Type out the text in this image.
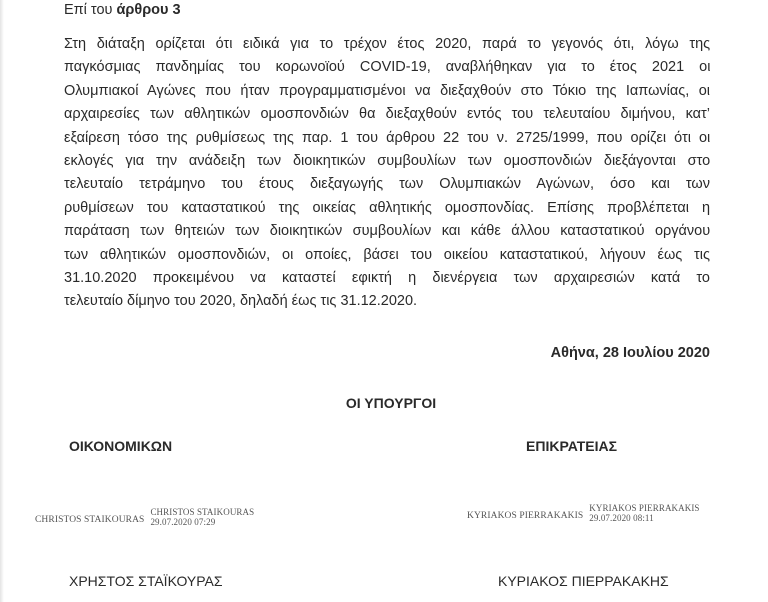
Επί του άρθρου 3
Στη διάταξη ορίζεται ότι ειδικά για το τρέχον έτος 2020, παρά το γεγονός ότι, λόγω της
παγκόσμιας πανδημίας του κορωνοϊού COVID-19, αναβλήθηκαν για το έτος 2021 οι
Ολυμπιακοί Αγώνες που ήταν προγραμματισμένοι να διεξαχθούν στο Τόκιο της Ιαπωνίας, οι
αρχαιρεσίες των αθλητικών ομοσπονδιών θα διεξαχθούν εντός του τελευταίου διμήνου, κατ’
εξαίρεση τόσο της ρυθμίσεως της παρ. 1 του άρθρου 22 του ν. 2725/1999, που ορίζει ότι οι
εκλογές για την ανάδειξη των διοικητικών συμβουλίων των ομοσπονδιών διεξάγονται στο
τελευταίο τετράμηνο του έτους διεξαγωγής των Ολυμπιακών Αγώνων, όσο και των
ρυθμίσεων του καταστατικού της οικείας αθλητικής ομοσπονδίας. Επίσης προβλέπεται η
παράταση των θητειών των διοικητικών συμβουλίων και κάθε άλλου καταστατικού οργάνου
των αθλητικών ομοσπονδιών, οι οποίες, βάσει του οικείου καταστατικού, λήγουν έως τις
31.10.2020 προκειμένου να καταστεί εφικτή η διενέργεια των αρχαιρεσιών κατά το
τελευταίο δίμηνο του 2020, δηλαδή έως τις 31.12.2020.
Αθήνα, 28 Ιουλίου 2020
ΟΙ ΥΠΟΥΡΓΟΙ
ΟΙΚΟΝΟΜΙΚΩΝ	ΕΠΙΚΡΑΤΕΙΑΣ
CHRISTOS STAIKOURAS
CHRISTOS STAIKOURAS
29.07.2020 07:29
KYRIAKOS PIERRAKAKIS
KYRIAKOS PIERRAKAKIS
29.07.2020 08:11
ΧΡΗΣΤΟΣ ΣΤΑΪΚΟΥΡΑΣ	ΚΥΡΙΑΚΟΣ ΠΙΕΡΡΑΚΑΚΗΣ
